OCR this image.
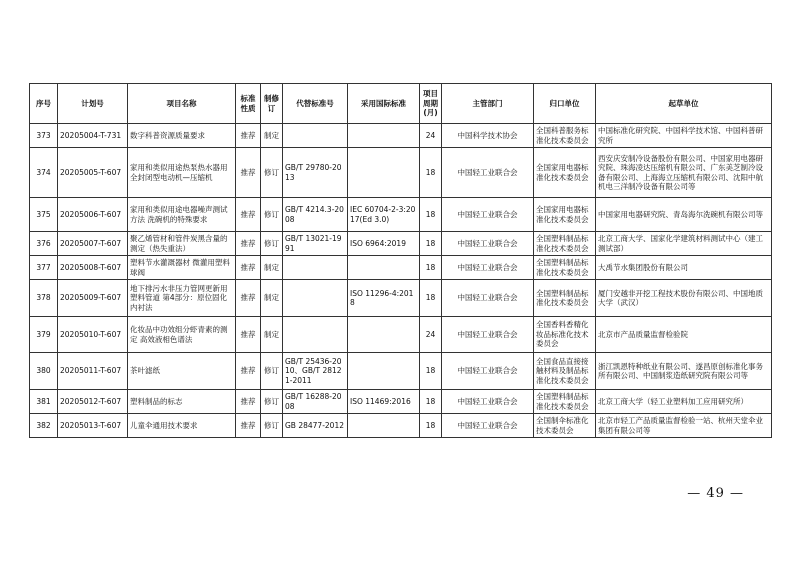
序号	计划号	项目名称	标准性质	制修订	代替标准号	采用国际标准	项目周期(月)	主管部门	归口单位	起草单位
373	20205004-T-731	数字科普资源质量要求	推荐	制定			24	中国科学技术协会	全国科普服务标准化技术委员会	中国标准化研究院、中国科学技术馆、中国科普研究所
374	20205005-T-607	家用和类似用途热泵热水器用全封闭型电动机—压缩机	推荐	修订	GB/T 29780-2013		18	中国轻工业联合会	全国家用电器标准化技术委员会	西安庆安制冷设备股份有限公司、中国家用电器研究院、珠海凌达压缩机有限公司、广东美芝制冷设备有限公司、上海海立压缩机有限公司、沈阳中航机电三洋制冷设备有限公司等
375	20205006-T-607	家用和类似用途电器噪声测试方法 洗碗机的特殊要求	推荐	修订	GB/T 4214.3-2008	IEC 60704-2-3:2017(Ed 3.0)	18	中国轻工业联合会	全国家用电器标准化技术委员会	中国家用电器研究院、青岛海尔洗碗机有限公司等
376	20205007-T-607	聚乙烯管材和管件炭黑含量的测定（热失重法）	推荐	修订	GB/T 13021-1991	ISO 6964:2019	18	中国轻工业联合会	全国塑料制品标准化技术委员会	北京工商大学、国家化学建筑材料测试中心（建工测试部）
377	20205008-T-607	塑料节水灌溉器材 微灌用塑料球阀	推荐	制定			18	中国轻工业联合会	全国塑料制品标准化技术委员会	大禹节水集团股份有限公司
378	20205009-T-607	地下排污水非压力管网更新用塑料管道 第4部分：原位固化内衬法	推荐	制定		ISO 11296-4:2018	18	中国轻工业联合会	全国塑料制品标准化技术委员会	厦门安越非开挖工程技术股份有限公司、中国地质大学（武汉）
379	20205010-T-607	化妆品中功效组分虾青素的测定 高效液相色谱法	推荐	制定			24	中国轻工业联合会	全国香料香精化妆品标准化技术委员会	北京市产品质量监督检验院
380	20205011-T-607	茶叶滤纸	推荐	修订	GB/T 25436-2010、GB/T 28121-2011		18	中国轻工业联合会	全国食品直接接触材料及制品标准化技术委员会	浙江凯恩特种纸业有限公司、遂昌原创标准化事务所有限公司、中国制浆造纸研究院有限公司等
381	20205012-T-607	塑料制品的标志	推荐	修订	GB/T 16288-2008	ISO 11469:2016	18	中国轻工业联合会	全国塑料制品标准化技术委员会	北京工商大学（轻工业塑料加工应用研究所）
382	20205013-T-607	儿童伞通用技术要求	推荐	修订	GB 28477-2012		18	中国轻工业联合会	全国制伞标准化技术委员会	北京市轻工产品质量监督检验一站、杭州天堂伞业集团有限公司等
— 49 —
